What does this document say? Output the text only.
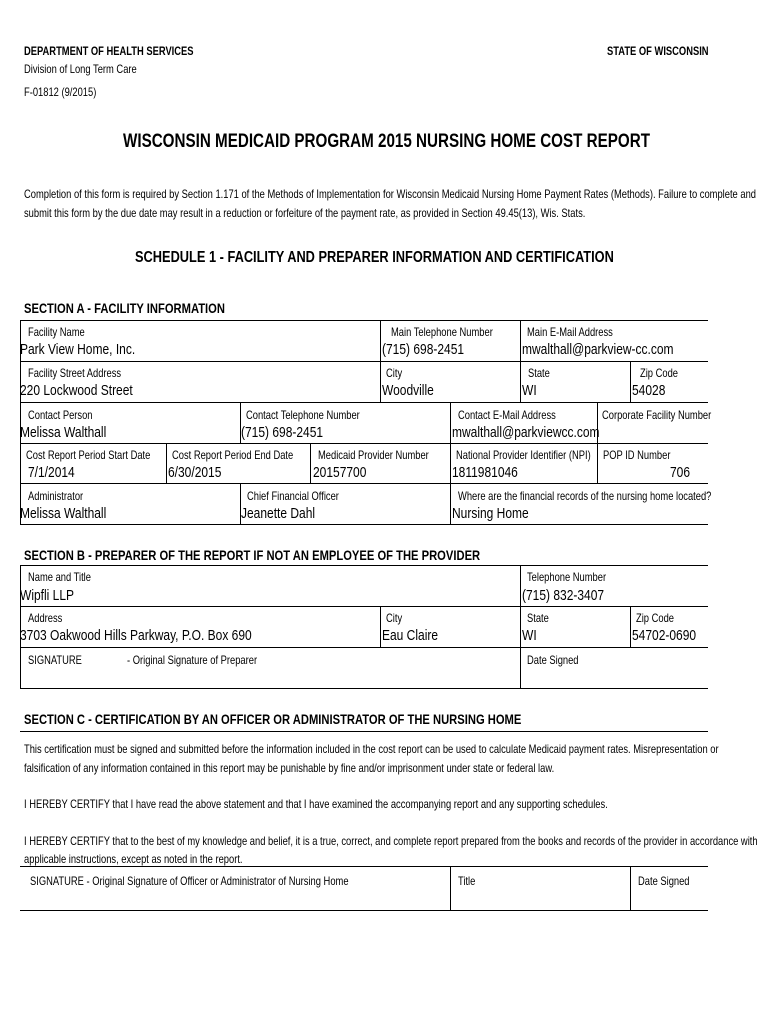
DEPARTMENT OF HEALTH SERVICES
Division of Long Term Care
F-01812 (9/2015)
STATE OF WISCONSIN
WISCONSIN MEDICAID PROGRAM 2015 NURSING HOME COST REPORT
Completion of this form is required by Section 1.171 of the Methods of Implementation for Wisconsin Medicaid Nursing Home Payment Rates (Methods). Failure to complete and
submit this form by the due date may result in a reduction or forfeiture of the payment rate, as provided in Section 49.45(13), Wis. Stats.
SCHEDULE 1 - FACILITY AND PREPARER INFORMATION AND CERTIFICATION
SECTION A - FACILITY INFORMATION
Facility Name
Park View Home, Inc.
Main Telephone Number
(715) 698-2451
Main E-Mail Address
mwalthall@parkview-cc.com
Facility Street Address
220 Lockwood Street
City
Woodville
State
WI
Zip Code
54028
Contact Person
Melissa Walthall
Contact Telephone Number
(715) 698-2451
Contact E-Mail Address
mwalthall@parkviewcc.com
Corporate Facility Number
Cost Report Period Start Date
7/1/2014
Cost Report Period End Date
6/30/2015
Medicaid Provider Number
20157700
National Provider Identifier (NPI)
1811981046
POP ID Number
706
Administrator
Melissa Walthall
Chief Financial Officer
Jeanette Dahl
Where are the financial records of the nursing home located?
Nursing Home
SECTION B - PREPARER OF THE REPORT IF NOT AN EMPLOYEE OF THE PROVIDER
Name and Title
Wipfli LLP
Telephone Number
(715) 832-3407
Address
3703 Oakwood Hills Parkway, P.O. Box 690
City
Eau Claire
State
WI
Zip Code
54702-0690
SIGNATURE	- Original Signature of Preparer	Date Signed
SECTION C - CERTIFICATION BY AN OFFICER OR ADMINISTRATOR OF THE NURSING HOME
This certification must be signed and submitted before the information included in the cost report can be used to calculate Medicaid payment rates. Misrepresentation or
falsification of any information contained in this report may be punishable by fine and/or imprisonment under state or federal law.
I HEREBY CERTIFY that I have read the above statement and that I have examined the accompanying report and any supporting schedules.
I HEREBY CERTIFY that to the best of my knowledge and belief, it is a true, correct, and complete report prepared from the books and records of the provider in accordance with
applicable instructions, except as noted in the report.
SIGNATURE - Original Signature of Officer or Administrator of Nursing Home	Title	Date Signed
